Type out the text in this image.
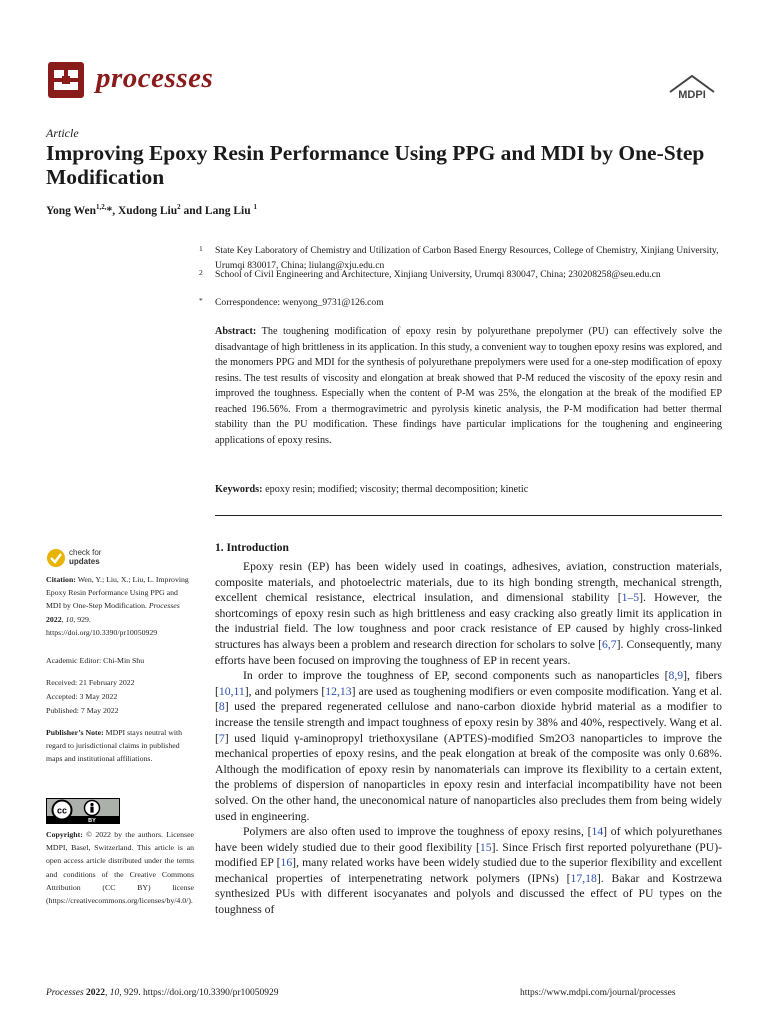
processes
MDPI
Article
Improving Epoxy Resin Performance Using PPG and MDI by One-Step Modification
Yong Wen$^{1,2,}$*, Xudong Liu$^2$ and Lang Liu $^1$
1 State Key Laboratory of Chemistry and Utilization of Carbon Based Energy Resources, College of Chemistry, Xinjiang University, Urumqi 830017, China; liulang@xju.edu.cn
2 School of Civil Engineering and Architecture, Xinjiang University, Urumqi 830047, China; 230208258@seu.edu.cn
* Correspondence: wenyong_9731@126.com
Abstract: The toughening modification of epoxy resin by polyurethane prepolymer (PU) can effectively solve the disadvantage of high brittleness in its application. In this study, a convenient way to toughen epoxy resins was explored, and the monomers PPG and MDI for the synthesis of polyurethane prepolymers were used for a one-step modification of epoxy resins. The test results of viscosity and elongation at break showed that P-M reduced the viscosity of the epoxy resin and improved the toughness. Especially when the content of P-M was 25%, the elongation at the break of the modified EP reached 196.56%. From a thermogravimetric and pyrolysis kinetic analysis, the P-M modification had better thermal stability than the PU modification. These findings have particular implications for the toughening and engineering applications of epoxy resins.
Keywords: epoxy resin; modified; viscosity; thermal decomposition; kinetic
check for
updates
Citation: Wen, Y.; Liu, X.; Liu, L. Improving Epoxy Resin Performance Using PPG and MDI by One-Step Modification. Processes 2022, 10, 929. https://doi.org/10.3390/pr10050929
Academic Editor: Chi-Min Shu
Received: 21 February 2022
Accepted: 3 May 2022
Published: 7 May 2022
Publisher’s Note: MDPI stays neutral with regard to jurisdictional claims in published maps and institutional affiliations.
cc
BY
Copyright: © 2022 by the authors. Licensee MDPI, Basel, Switzerland. This article is an open access article distributed under the terms and conditions of the Creative Commons Attribution (CC BY) license (https://creativecommons.org/licenses/by/4.0/).
1. Introduction

Epoxy resin (EP) has been widely used in coatings, adhesives, aviation, construction materials, composite materials, and photoelectric materials, due to its high bonding strength, mechanical strength, excellent chemical resistance, electrical insulation, and dimensional stability [1–5]. However, the shortcomings of epoxy resin such as high brittleness and easy cracking also greatly limit its application in the industrial field. The low toughness and poor crack resistance of EP caused by highly cross-linked structures has always been a problem and research direction for scholars to solve [6,7]. Consequently, many efforts have been focused on improving the toughness of EP in recent years.

In order to improve the toughness of EP, second components such as nanoparticles [8,9], fibers [10,11], and polymers [12,13] are used as toughening modifiers or even composite modification. Yang et al. [8] used the prepared regenerated cellulose and nano-carbon dioxide hybrid material as a modifier to increase the tensile strength and impact toughness of epoxy resin by 38% and 40%, respectively. Wang et al. [7] used liquid γ-aminopropyl triethoxysilane (APTES)-modified Sm2O3 nanoparticles to improve the mechanical properties of epoxy resins, and the peak elongation at break of the composite was only 0.68%. Although the modification of epoxy resin by nanomaterials can improve its flexibility to a certain extent, the problems of dispersion of nanoparticles in epoxy resin and interfacial incompatibility have not been solved. On the other hand, the uneconomical nature of nanoparticles also precludes them from being widely used in engineering.

Polymers are also often used to improve the toughness of epoxy resins, [14] of which polyurethanes have been widely studied due to their good flexibility [15]. Since Frisch first reported polyurethane (PU)-modified EP [16], many related works have been widely studied due to the superior flexibility and excellent mechanical properties of interpenetrating network polymers (IPNs) [17,18]. Bakar and Kostrzewa synthesized PUs with different isocyanates and polyols and discussed the effect of PU types on the toughness of

Processes 2022, 10, 929. https://doi.org/10.3390/pr10050929	https://www.mdpi.com/journal/processes
